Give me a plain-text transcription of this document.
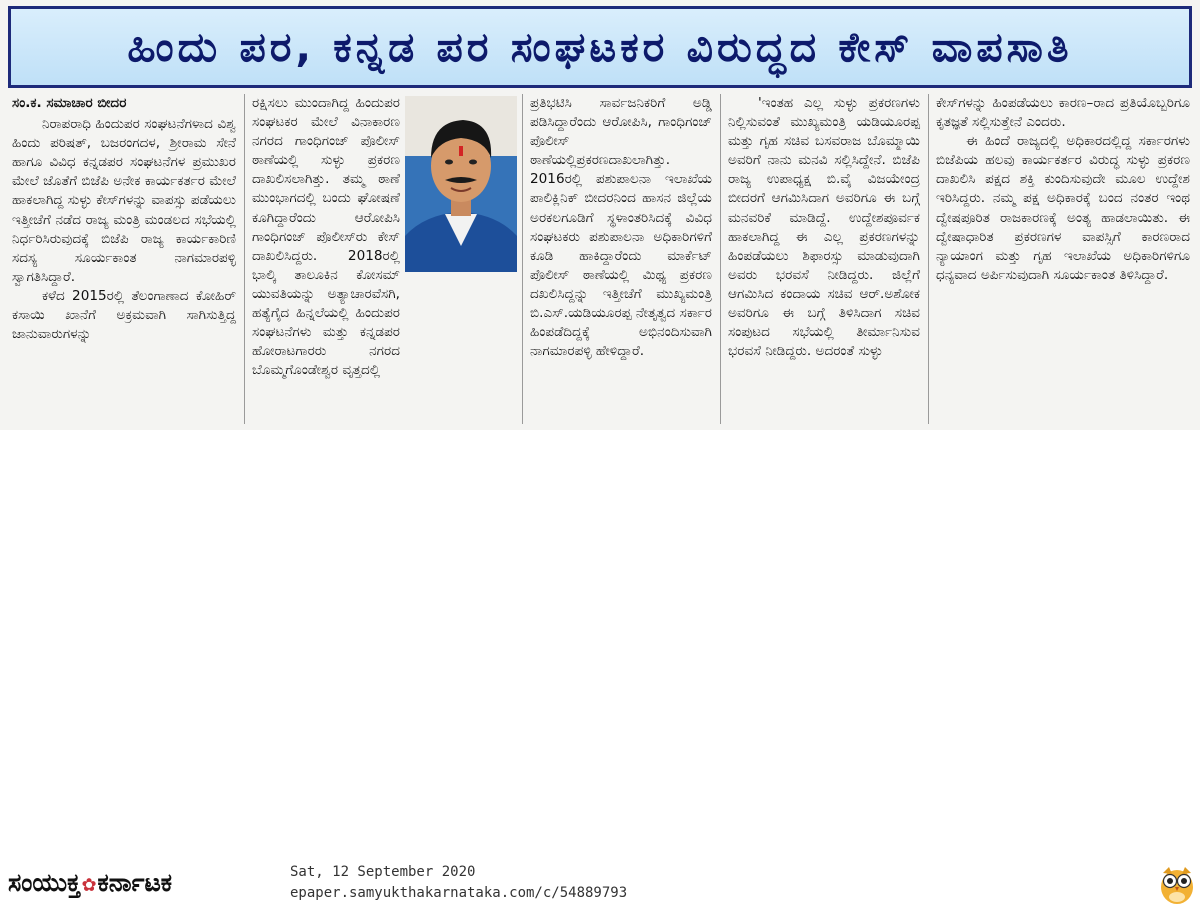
ಹಿಂದು ಪರ, ಕನ್ನಡ ಪರ ಸಂಘಟಕರ ವಿರುದ್ಧದ ಕೇಸ್ ವಾಪಸಾತಿ

ಸಂ.ಕ. ಸಮಾಚಾರ ಬೀದರ

ನಿರಾಪರಾಧಿ ಹಿಂದುಪರ ಸಂಘಟನೆಗಳಾದ ವಿಶ್ವ ಹಿಂದು ಪರಿಷತ್, ಬಜರಂಗದಳ, ಶ್ರೀರಾಮ ಸೇನೆ ಹಾಗೂ ವಿವಿಧ ಕನ್ನಡಪರ ಸಂಘಟನೆಗಳ ಪ್ರಮುಖರ ಮೇಲೆ ಜೊತೆಗೆ ಬಿಜೆಪಿ ಅನೇಕ ಕಾರ್ಯಕರ್ತರ ಮೇಲೆ ಹಾಕಲಾಗಿದ್ದ ಸುಳ್ಳು ಕೇಸ್‌ಗಳನ್ನು ವಾಪಸ್ಸು ಪಡೆಯಲು ಇತ್ತೀಚೆಗೆ ನಡೆದ ರಾಜ್ಯ ಮಂತ್ರಿ ಮಂಡಲದ ಸಭೆಯಲ್ಲಿ ನಿರ್ಧರಿಸಿರುವುದಕ್ಕೆ ಬಿಜೆಪಿ ರಾಜ್ಯ ಕಾರ್ಯಕಾರಿಣಿ ಸದಸ್ಯ ಸೂರ್ಯಕಾಂತ ನಾಗಮಾರಪಳ್ಳಿ ಸ್ವಾಗತಿಸಿದ್ದಾರೆ.

ಕಳೆದ 2015ರಲ್ಲಿ ತೆಲಂಗಾಣಾದ ಕೋಹಿರ್ ಕಸಾಯಿ ಖಾನೆಗೆ ಅಕ್ರಮವಾಗಿ ಸಾಗಿಸುತ್ತಿದ್ದ ಜಾನುವಾರುಗಳನ್ನು

ರಕ್ಷಿಸಲು ಮುಂದಾಗಿದ್ದ ಹಿಂದುಪರ ಸಂಘಟಕರ ಮೇಲೆ ವಿನಾಕಾರಣ ನಗರದ ಗಾಂಧಿಗಂಜ್ ಪೊಲೀಸ್ ಠಾಣೆಯಲ್ಲಿ ಸುಳ್ಳು ಪ್ರಕರಣ ದಾಖಲಿಸಲಾಗಿತ್ತು. ತಮ್ಮ ಠಾಣೆ ಮುಂಭಾಗದಲ್ಲಿ ಬಂದು ಘೋಷಣೆ ಕೂಗಿದ್ದಾರೆಂದು ಆರೋಪಿಸಿ ಗಾಂಧಿಗಂಜ್ ಪೊಲೀಸ್‌ರು ಕೇಸ್ ದಾಖಲಿಸಿದ್ದರು. 2018ರಲ್ಲಿ ಭಾಲ್ಕಿ ತಾಲೂಕಿನ ಕೋಸಮ್ ಯುವತಿಯನ್ನು ಅತ್ಯಾಚಾರವೆಸಗಿ, ಹತ್ಯೆಗೈದ ಹಿನ್ನಲೆಯಲ್ಲಿ ಹಿಂದುಪರ ಸಂಘಟನೆಗಳು ಮತ್ತು ಕನ್ನಡಪರ ಹೋರಾಟಗಾರರು ನಗರದ ಬೊಮ್ಮಗೊಂಡೇಶ್ವರ ವೃತ್ತದಲ್ಲಿ

ಪ್ರತಿಭಟಿಸಿ ಸಾರ್ವಜನಿಕರಿಗೆ ಅಡ್ಡಿ ಪಡಿಸಿದ್ದಾರೆಂದು ಆರೋಪಿಸಿ, ಗಾಂಧಿಗಂಜ್ ಪೊಲೀಸ್ ಠಾಣೆಯಲ್ಲಿಪ್ರಕರಣದಾಖಲಾಗಿತ್ತು. 2016ರಲ್ಲಿ ಪಶುಪಾಲನಾ ಇಲಾಖೆಯ ಪಾಲಿಕ್ಲಿನಿಕ್ ಬೀದರನಿಂದ ಹಾಸನ ಜಿಲ್ಲೆಯ ಅರಕಲಗೂಡಿಗೆ ಸ್ಥಳಾಂತರಿಸಿದಕ್ಕೆ ವಿವಿಧ ಸಂಘಟಕರು ಪಶುಪಾಲನಾ ಅಧಿಕಾರಿಗಳಿಗೆ ಕೂಡಿ ಹಾಕಿದ್ದಾರೆಂದು ಮಾರ್ಕೆಟ್ ಪೊಲೀಸ್ ಠಾಣೆಯಲ್ಲಿ ಮಿಥ್ಯ ಪ್ರಕರಣ ದಖಲಿಸಿದ್ದನ್ನು ಇತ್ತೀಚೆಗೆ ಮುಖ್ಯಮಂತ್ರಿ ಬಿ.ಎಸ್.ಯಡಿಯೂರಪ್ಪ ನೇತೃತ್ವದ ಸರ್ಕಾರ ಹಿಂಪಡೆದಿದ್ದಕ್ಕೆ ಅಭಿನಂದಿಸುವಾಗಿ ನಾಗಮಾರಪಳ್ಳಿ ಹೇಳಿದ್ದಾರೆ.

'ಇಂತಹ ಎಲ್ಲ ಸುಳ್ಳು ಪ್ರಕರಣಗಳು ನಿಲ್ಲಿಸುವಂತೆ ಮುಖ್ಯಮಂತ್ರಿ ಯಡಿಯೂರಪ್ಪ ಮತ್ತು ಗೃಹ ಸಚಿವ ಬಸವರಾಜ ಬೊಮ್ಮಾಯಿ ಅವರಿಗೆ ನಾನು ಮನವಿ ಸಲ್ಲಿಸಿದ್ದೇನೆ. ಬಿಜೆಪಿ ರಾಜ್ಯ ಉಪಾಧ್ಯಕ್ಷ ಬಿ.ವೈ ವಿಜಯೇಂದ್ರ ಬೀದರಗೆ ಆಗಮಿಸಿದಾಗ ಅವರಿಗೂ ಈ ಬಗ್ಗೆ ಮನವರಿಕೆ ಮಾಡಿದ್ದೆ. ಉದ್ದೇಶಪೂರ್ವಕ ಹಾಕಲಾಗಿದ್ದ ಈ ಎಲ್ಲ ಪ್ರಕರಣಗಳನ್ನು ಹಿಂಪಡೆಯಲು ಶಿಫಾರಸ್ಸು ಮಾಡುವುದಾಗಿ ಅವರು ಭರವಸೆ ನೀಡಿದ್ದರು. ಜಿಲ್ಲೆಗೆ ಆಗಮಿಸಿದ ಕಂದಾಯ ಸಚಿವ ಆರ್.ಅಶೋಕ ಅವರಿಗೂ ಈ ಬಗ್ಗೆ ತಿಳಿಸಿದಾಗ ಸಚಿವ ಸಂಪುಟದ ಸಭೆಯಲ್ಲಿ ತೀರ್ಮಾನಿಸುವ ಭರವಸೆ ನೀಡಿದ್ದರು. ಅದರಂತೆ ಸುಳ್ಳು

ಕೇಸ್‌ಗಳನ್ನು ಹಿಂಪಡೆಯಲು ಕಾರಣ–ರಾದ ಪ್ರತಿಯೊಬ್ಬರಿಗೂ ಕೃತಜ್ಞತೆ ಸಲ್ಲಿಸುತ್ತೇನೆ ಎಂದರು.

ಈ ಹಿಂದೆ ರಾಜ್ಯದಲ್ಲಿ ಅಧಿಕಾರದಲ್ಲಿದ್ದ ಸರ್ಕಾರಗಳು ಬಿಜೆಪಿಯ ಹಲವು ಕಾರ್ಯಕರ್ತರ ವಿರುದ್ಧ ಸುಳ್ಳು ಪ್ರಕರಣ ದಾಖಲಿಸಿ ಪಕ್ಷದ ಶಕ್ತಿ ಕುಂದಿಸುವುದೇ ಮೂಲ ಉದ್ದೇಶ ಇರಿಸಿದ್ದರು. ನಮ್ಮ ಪಕ್ಷ ಅಧಿಕಾರಕ್ಕೆ ಬಂದ ನಂತರ ಇಂಥ ದ್ವೇಷಪೂರಿತ ರಾಜಕಾರಣಕ್ಕೆ ಅಂತ್ಯ ಹಾಡಲಾಯಿತು. ಈ ದ್ವೇಷಾಧಾರಿತ ಪ್ರಕರಣಗಳ ವಾಪಸ್ಸಿಗೆ ಕಾರಣರಾದ ನ್ಯಾಯಾಂಗ ಮತ್ತು ಗೃಹ ಇಲಾಖೆಯ ಅಧಿಕಾರಿಗಳಿಗೂ ಧನ್ಯವಾದ ಅರ್ಪಿಸುವುದಾಗಿ ಸೂರ್ಯಕಾಂತ ತಿಳಿಸಿದ್ದಾರೆ.

ಸಂಯುಕ್ತ✿ಕರ್ನಾಟಕ	Sat, 12 September 2020
epaper.samyukthakarnataka.com/c/54889793
